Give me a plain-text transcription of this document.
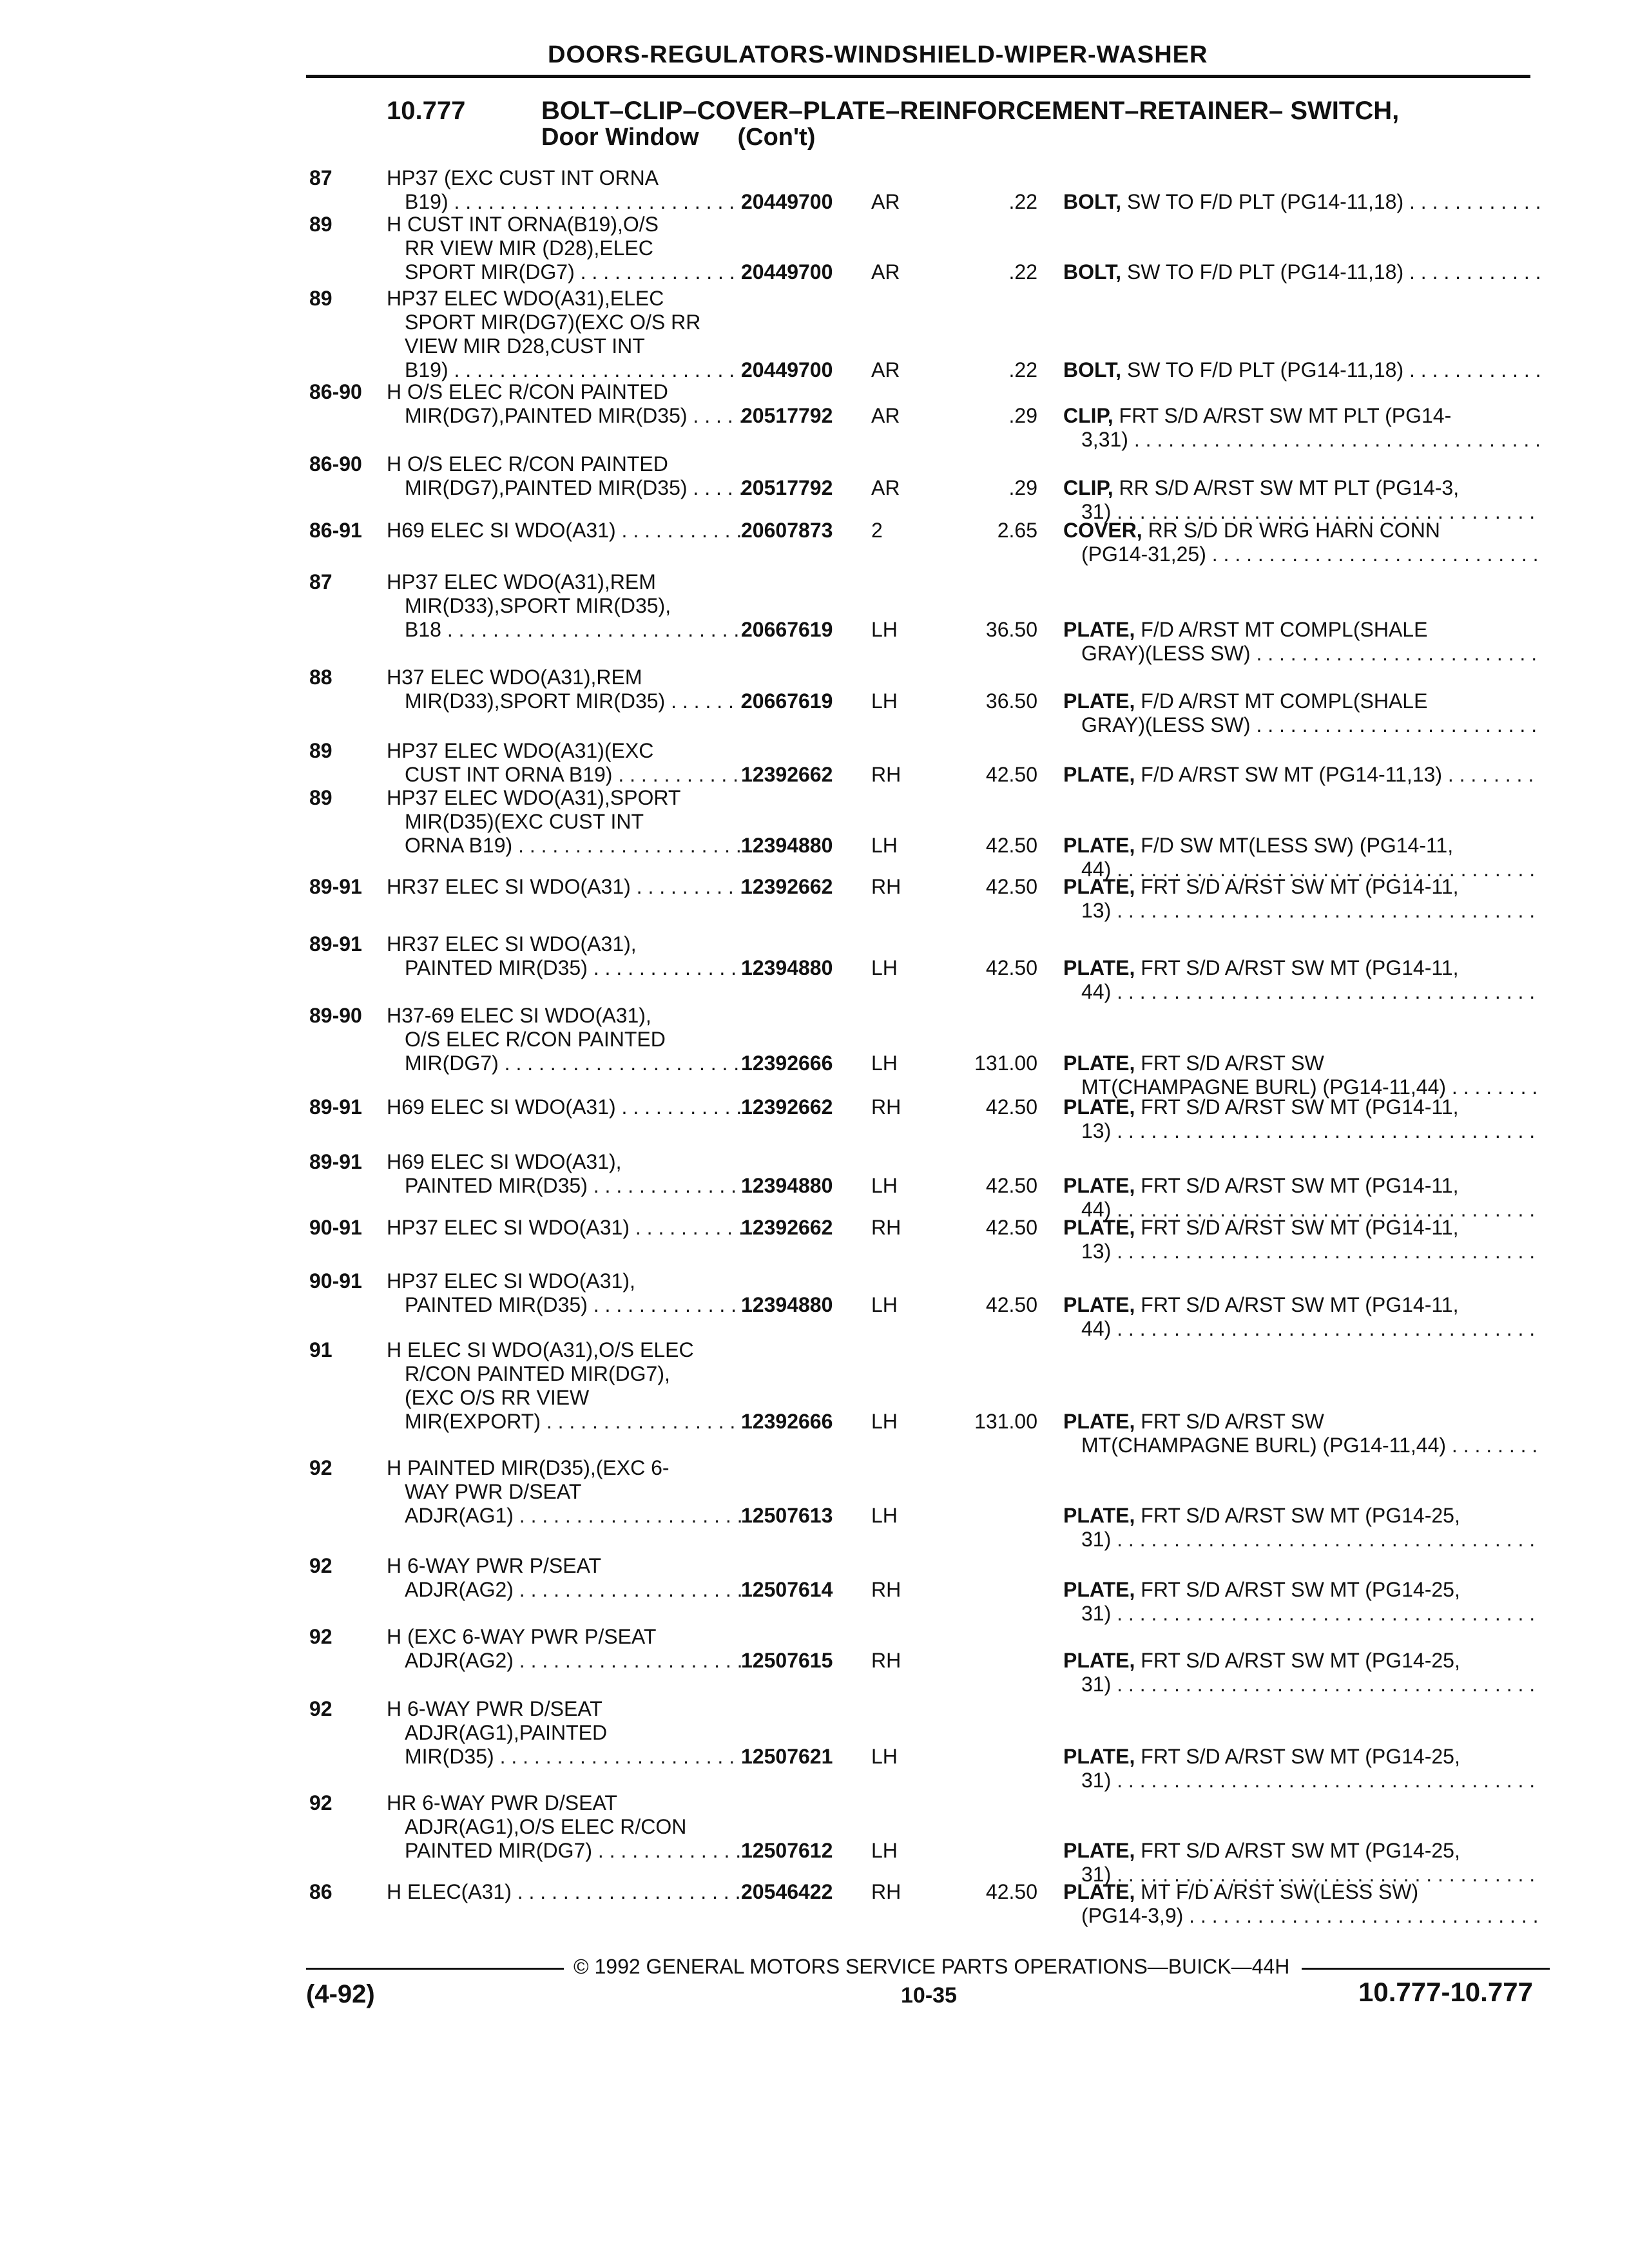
DOORS-REGULATORS-WINDSHIELD-WIPER-WASHER
10.777	BOLT–CLIP–COVER–PLATE–REINFORCEMENT–RETAINER– SWITCH,
Door Window (Con't)
87	HP37 (EXC CUST INT ORNA
B19) . . .	20449700	AR	.22 BOLT, SW TO F/D PLT (PG14-11,18) . . .
89	H CUST INT ORNA(B19),O/S
RR VIEW MIR (D28),ELEC
SPORT MIR(DG7) . . .	20449700	AR	.22 BOLT, SW TO F/D PLT (PG14-11,18) . . .
89	HP37 ELEC WDO(A31),ELEC
SPORT MIR(DG7)(EXC O/S RR
VIEW MIR D28,CUST INT
B19) . . .	20449700	AR	.22 BOLT, SW TO F/D PLT (PG14-11,18) . . .
86-90 H O/S ELEC R/CON PAINTED
MIR(DG7),PAINTED MIR(D35) . . .	20517792	AR	.29 CLIP, FRT S/D A/RST SW MT PLT (PG14-
3,31) . . .
86-90 H O/S ELEC R/CON PAINTED
MIR(DG7),PAINTED MIR(D35) . . .	20517792	AR	.29 CLIP, RR S/D A/RST SW MT PLT (PG14-3,
31) . . .
86-91 H69 ELEC SI WDO(A31) . . .	20607873	2	2.65 COVER, RR S/D DR WRG HARN CONN
(PG14-31,25) . . .
87	HP37 ELEC WDO(A31),REM
MIR(D33),SPORT MIR(D35),
B18 . . .	20667619	LH	36.50 PLATE, F/D A/RST MT COMPL(SHALE
GRAY)(LESS SW) . . .
88	H37 ELEC WDO(A31),REM
MIR(D33),SPORT MIR(D35) . . .	20667619	LH	36.50 PLATE, F/D A/RST MT COMPL(SHALE
GRAY)(LESS SW) . . .
89	HP37 ELEC WDO(A31)(EXC
CUST INT ORNA B19) . . .	12392662	RH	42.50 PLATE, F/D A/RST SW MT (PG14-11,13) . . .
89	HP37 ELEC WDO(A31),SPORT
MIR(D35)(EXC CUST INT
ORNA B19) . . .	12394880	LH	42.50 PLATE, F/D SW MT(LESS SW) (PG14-11,
44) . . .
89-91 HR37 ELEC SI WDO(A31) . . .	12392662	RH	42.50 PLATE, FRT S/D A/RST SW MT (PG14-11,
13) . . .
89-91 HR37 ELEC SI WDO(A31),
PAINTED MIR(D35) . . .	12394880	LH	42.50 PLATE, FRT S/D A/RST SW MT (PG14-11,
44) . . .
89-90 H37-69 ELEC SI WDO(A31),
O/S ELEC R/CON PAINTED
MIR(DG7) . . .	12392666	LH	131.00 PLATE, FRT S/D A/RST SW
MT(CHAMPAGNE BURL) (PG14-11,44) . . .
89-91 H69 ELEC SI WDO(A31) . . .	12392662	RH	42.50 PLATE, FRT S/D A/RST SW MT (PG14-11,
13) . . .
89-91 H69 ELEC SI WDO(A31),
PAINTED MIR(D35) . . .	12394880	LH	42.50 PLATE, FRT S/D A/RST SW MT (PG14-11,
44) . . .
90-91 HP37 ELEC SI WDO(A31) . . .	12392662	RH	42.50 PLATE, FRT S/D A/RST SW MT (PG14-11,
13) . . .
90-91 HP37 ELEC SI WDO(A31),
PAINTED MIR(D35) . . .	12394880	LH	42.50 PLATE, FRT S/D A/RST SW MT (PG14-11,
44) . . .
91	H ELEC SI WDO(A31),O/S ELEC
R/CON PAINTED MIR(DG7),
(EXC O/S RR VIEW
MIR(EXPORT) . . .	12392666	LH	131.00 PLATE, FRT S/D A/RST SW
MT(CHAMPAGNE BURL) (PG14-11,44) . . .
92	H PAINTED MIR(D35),(EXC 6-
WAY PWR D/SEAT
ADJR(AG1) . . .	12507613	LH	PLATE, FRT S/D A/RST SW MT (PG14-25,
31) . . .
92	H 6-WAY PWR P/SEAT
ADJR(AG2) . . .	12507614	RH	PLATE, FRT S/D A/RST SW MT (PG14-25,
31) . . .
92	H (EXC 6-WAY PWR P/SEAT
ADJR(AG2) . . .	12507615	RH	PLATE, FRT S/D A/RST SW MT (PG14-25,
31) . . .
92	H 6-WAY PWR D/SEAT
ADJR(AG1),PAINTED
MIR(D35) . . .	12507621	LH	PLATE, FRT S/D A/RST SW MT (PG14-25,
31) . . .
92	HR 6-WAY PWR D/SEAT
ADJR(AG1),O/S ELEC R/CON
PAINTED MIR(DG7) . . .	12507612	LH	PLATE, FRT S/D A/RST SW MT (PG14-25,
31) . . .
86	H ELEC(A31) . . .	20546422	RH	42.50 PLATE, MT F/D A/RST SW(LESS SW)
(PG14-3,9) . . .
© 1992 GENERAL MOTORS SERVICE PARTS OPERATIONS—BUICK—44H
(4-92)	10-35	10.777-10.777
